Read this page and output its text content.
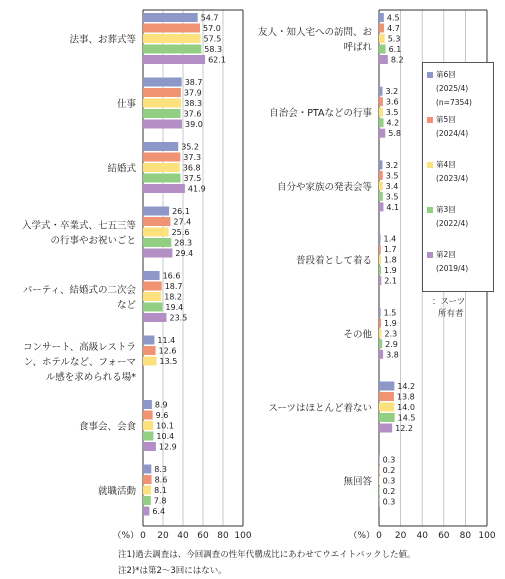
0 20 40 60 80 100
（%）
法事、お葬式等
54.7
57.0
57.5
58.3
62.1
仕事
38.7
37.9
38.3
37.6
39.0
結婚式
35.2
37.3
36.8
37.5
41.9
入学式・卒業式、七五三等
の行事やお祝いごと
26.1
27.4
25.6
28.3
29.4
パーティ、結婚式の二次会
など
16.6
18.7
18.2
19.4
23.5
コンサート、高級レストラ
ン、ホテルなど、フォーマ
ル感を求められる場*
11.4
12.6
13.5
食事会、会食
8.9
9.6
10.1
10.4
12.9
就職活動
8.3
8.6
8.1
7.8
6.4
0 20 40 60 80 100
（%）
友人・知人宅への訪問、お
呼ばれ
4.5
4.7
5.3
6.1
8.2
自治会・PTAなどの行事
3.2
3.6
3.5
4.2
5.8
自分や家族の発表会等
3.2
3.5
3.4
3.5
4.1
普段着として着る
1.4
1.7
1.8
1.9
2.1
その他
1.5
1.9
2.3
2.9
3.8
スーツはほとんど着ない
14.2
13.8
14.0
14.5
12.2
無回答
0.3
0.2
0.3
0.2
0.3
第6回
(2025/4)
(n=7354)
第5回
(2024/4)
第4回
(2023/4)
第3回
(2022/4)
第2回
(2019/4)
：スーツ
所有者
注1)過去調査は、今回調査の性年代構成比にあわせてウエイトバックした値。
注2)*は第2〜3回にはない。
